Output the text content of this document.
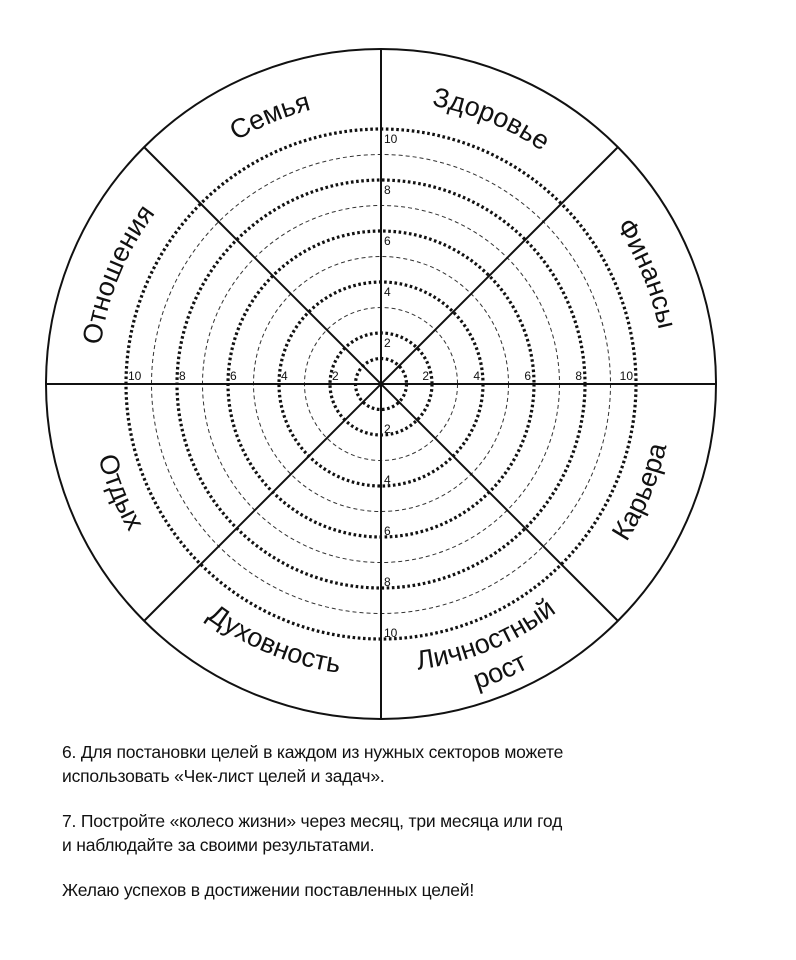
2
2
2
2
4
4
4
4
6
6
6
6
8
8
8
8
10
10
10
10
Семья	Здоровье
Финансы
Карьера
Личностный
рост
Духовность
Отдых
Отношения

6. Для постановки целей в каждом из нужных секторов можете
использовать «Чек-лист целей и задач».

7. Постройте «колесо жизни» через месяц, три месяца или год
и наблюдайте за своими результатами.

Желаю успехов в достижении поставленных целей!
